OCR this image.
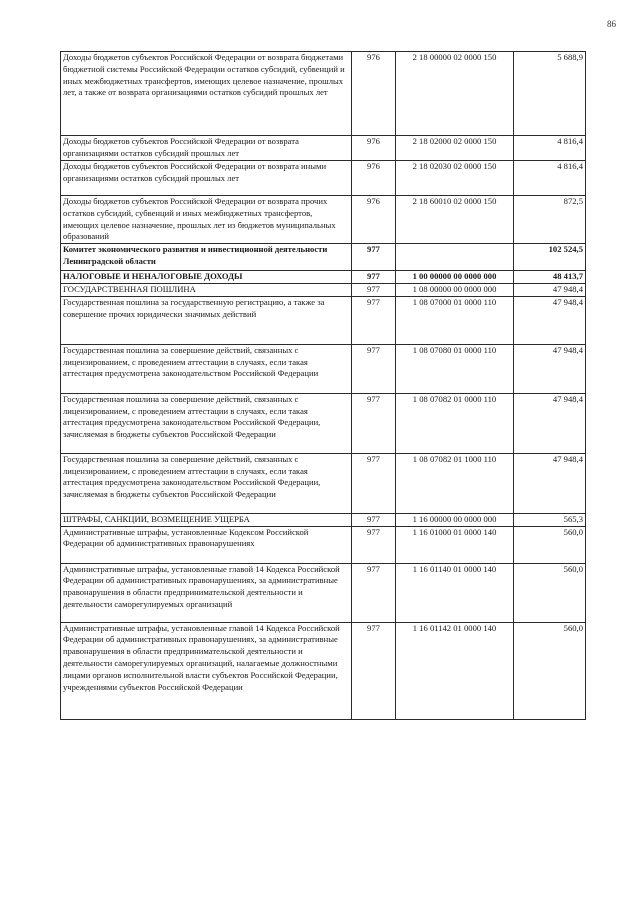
86
Доходы бюджетов субъектов Российской Федерации от возврата бюджетами бюджетной системы Российской Федерации остатков субсидий, субвенций и иных межбюджетных трансфертов, имеющих целевое назначение, прошлых лет, а также от возврата организациями остатков субсидий прошлых лет	976	2 18 00000 02 0000 150	5 688,9
Доходы бюджетов субъектов Российской Федерации от возврата организациями остатков субсидий прошлых лет	976	2 18 02000 02 0000 150	4 816,4
Доходы бюджетов субъектов Российской Федерации от возврата иными организациями остатков субсидий прошлых лет	976	2 18 02030 02 0000 150	4 816,4
Доходы бюджетов субъектов Российской Федерации от возврата прочих остатков субсидий, субвенций и иных межбюджетных трансфертов, имеющих целевое назначение, прошлых лет из бюджетов муниципальных образований	976	2 18 60010 02 0000 150	872,5
Комитет экономического развития и инвестиционной деятельности Ленинградской области	977		102 524,5
НАЛОГОВЫЕ И НЕНАЛОГОВЫЕ ДОХОДЫ	977	1 00 00000 00 0000 000	48 413,7
ГОСУДАРСТВЕННАЯ ПОШЛИНА	977	1 08 00000 00 0000 000	47 948,4
Государственная пошлина за государственную регистрацию, а также за совершение прочих юридически значимых действий	977	1 08 07000 01 0000 110	47 948,4
Государственная пошлина за совершение действий, связанных с лицензированием, с проведением аттестации в случаях, если такая аттестация предусмотрена законодательством Российской Федерации	977	1 08 07080 01 0000 110	47 948,4
Государственная пошлина за совершение действий, связанных с лицензированием, с проведением аттестации в случаях, если такая аттестация предусмотрена законодательством Российской Федерации, зачисляемая в бюджеты субъектов Российской Федерации	977	1 08 07082 01 0000 110	47 948,4
Государственная пошлина за совершение действий, связанных с лицензированием, с проведением аттестации в случаях, если такая аттестация предусмотрена законодательством Российской Федерации, зачисляемая в бюджеты субъектов Российской Федерации	977	1 08 07082 01 1000 110	47 948,4
ШТРАФЫ, САНКЦИИ, ВОЗМЕЩЕНИЕ УЩЕРБА	977	1 16 00000 00 0000 000	565,3
Административные штрафы, установленные Кодексом Российской Федерации об административных правонарушениях	977	1 16 01000 01 0000 140	560,0
Административные штрафы, установленные главой 14 Кодекса Российской Федерации об административных правонарушениях, за административные правонарушения в области предпринимательской деятельности и деятельности саморегулируемых организаций	977	1 16 01140 01 0000 140	560,0
Административные штрафы, установленные главой 14 Кодекса Российской Федерации об административных правонарушениях, за административные правонарушения в области предпринимательской деятельности и деятельности саморегулируемых организаций, налагаемые должностными лицами органов исполнительной власти субъектов Российской Федерации, учреждениями субъектов Российской Федерации	977	1 16 01142 01 0000 140	560,0
